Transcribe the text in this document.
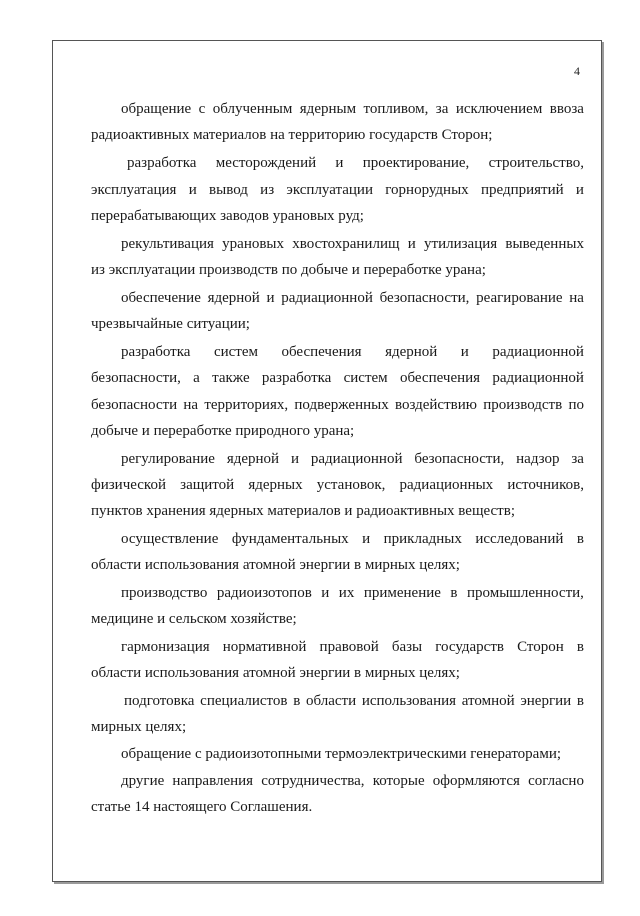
4
обращение с облученным ядерным топливом, за исключением ввоза
радиоактивных материалов на территорию государств Сторон;
разработка месторождений и проектирование, строительство,
эксплуатация и вывод из эксплуатации горнорудных предприятий и
перерабатывающих заводов урановых руд;
рекультивация урановых хвостохранилищ и утилизация выведенных
из эксплуатации производств по добыче и переработке урана;
обеспечение ядерной и радиационной безопасности, реагирование на
чрезвычайные ситуации;
разработка систем обеспечения ядерной и радиационной
безопасности, а также разработка систем обеспечения радиационной
безопасности на территориях, подверженных воздействию производств по
добыче и переработке природного урана;
регулирование ядерной и радиационной безопасности, надзор за
физической защитой ядерных установок, радиационных источников,
пунктов хранения ядерных материалов и радиоактивных веществ;
осуществление фундаментальных и прикладных исследований в
области использования атомной энергии в мирных целях;
производство радиоизотопов и их применение в промышленности,
медицине и сельском хозяйстве;
гармонизация нормативной правовой базы государств Сторон в
области использования атомной энергии в мирных целях;
подготовка специалистов в области использования атомной энергии в
мирных целях;
обращение с радиоизотопными термоэлектрическими генераторами;
другие направления сотрудничества, которые оформляются согласно
статье 14 настоящего Соглашения.
